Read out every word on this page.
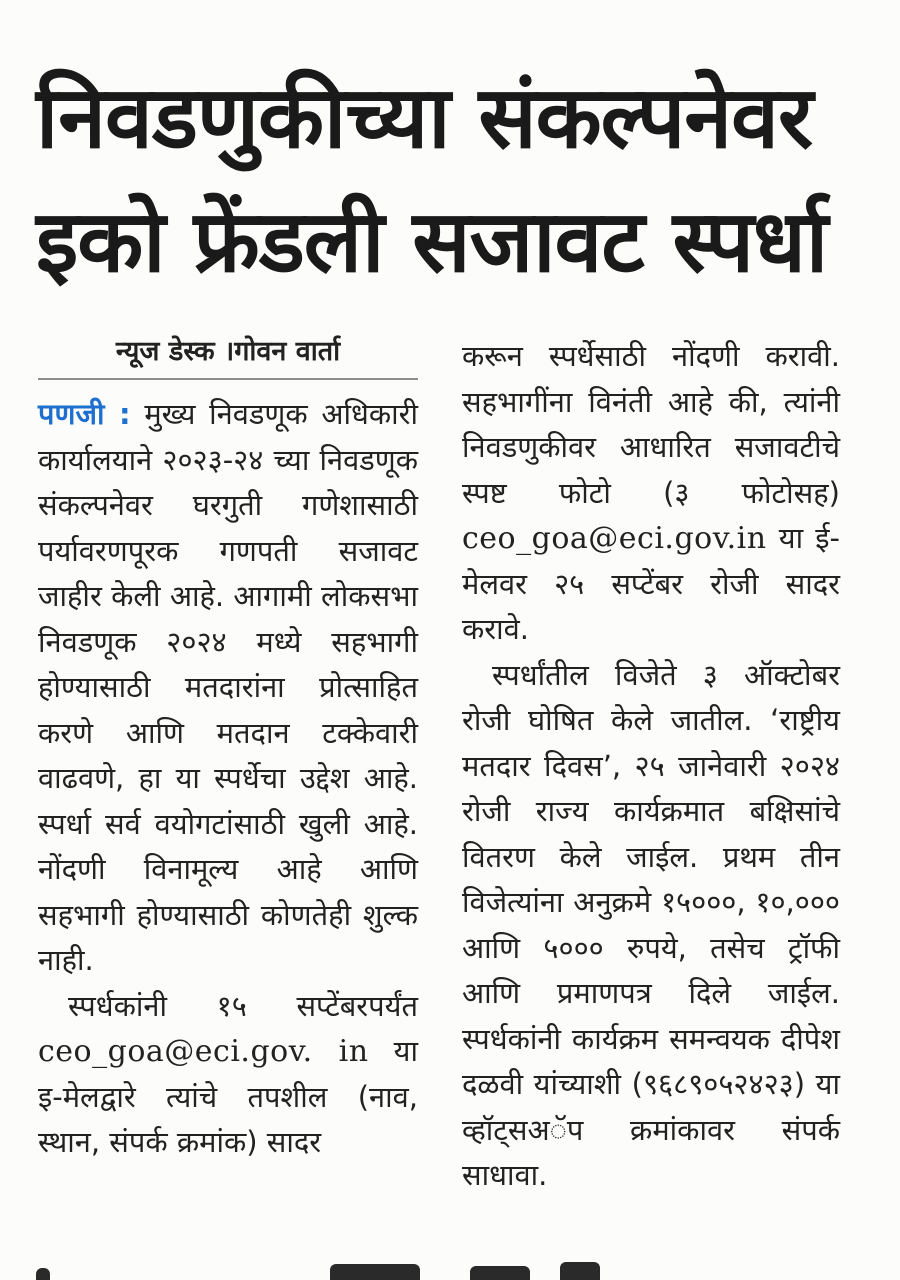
निवडणुकीच्या संकल्पनेवर
इको फ्रेंडली सजावट स्पर्धा
न्यूज डेस्क ।गोवन वार्ता

पणजी : मुख्य निवडणूक अधिकारी कार्यालयाने २०२३-२४ च्या निवडणूक संकल्पनेवर घरगुती गणेशासाठी पर्यावरणपूरक गणपती सजावट जाहीर केली आहे. आगामी लोकसभा निवडणूक २०२४ मध्ये सहभागी होण्यासाठी मतदारांना प्रोत्साहित करणे आणि मतदान टक्केवारी वाढवणे, हा या स्पर्धेचा उद्देश आहे. स्पर्धा सर्व वयोगटांसाठी खुली आहे. नोंदणी विनामूल्य आहे आणि सहभागी होण्यासाठी कोणतेही शुल्क नाही.

स्पर्धकांनी १५ सप्टेंबरपर्यंत ceo_goa@eci.gov. in या इ-मेलद्वारे त्यांचे तपशील (नाव, स्थान, संपर्क क्रमांक) सादर

करून स्पर्धेसाठी नोंदणी करावी. सहभागींना विनंती आहे की, त्यांनी निवडणुकीवर आधारित सजावटीचे स्पष्ट फोटो (३ फोटोसह) ceo_goa@eci.gov.in या ई-मेलवर २५ सप्टेंबर रोजी सादर करावे.

स्पर्धांतील विजेते ३ ऑक्टोबर रोजी घोषित केले जातील. ‘राष्ट्रीय मतदार दिवस’, २५ जानेवारी २०२४ रोजी राज्य कार्यक्रमात बक्षिसांचे वितरण केले जाईल. प्रथम तीन विजेत्यांना अनुक्रमे १५०००, १०,००० आणि ५००० रुपये, तसेच ट्रॉफी आणि प्रमाणपत्र दिले जाईल. स्पर्धकांनी कार्यक्रम समन्वयक दीपेश दळवी यांच्याशी (९६८९०५२४२३) या व्हॉट्सअॅप क्रमांकावर संपर्क साधावा.
